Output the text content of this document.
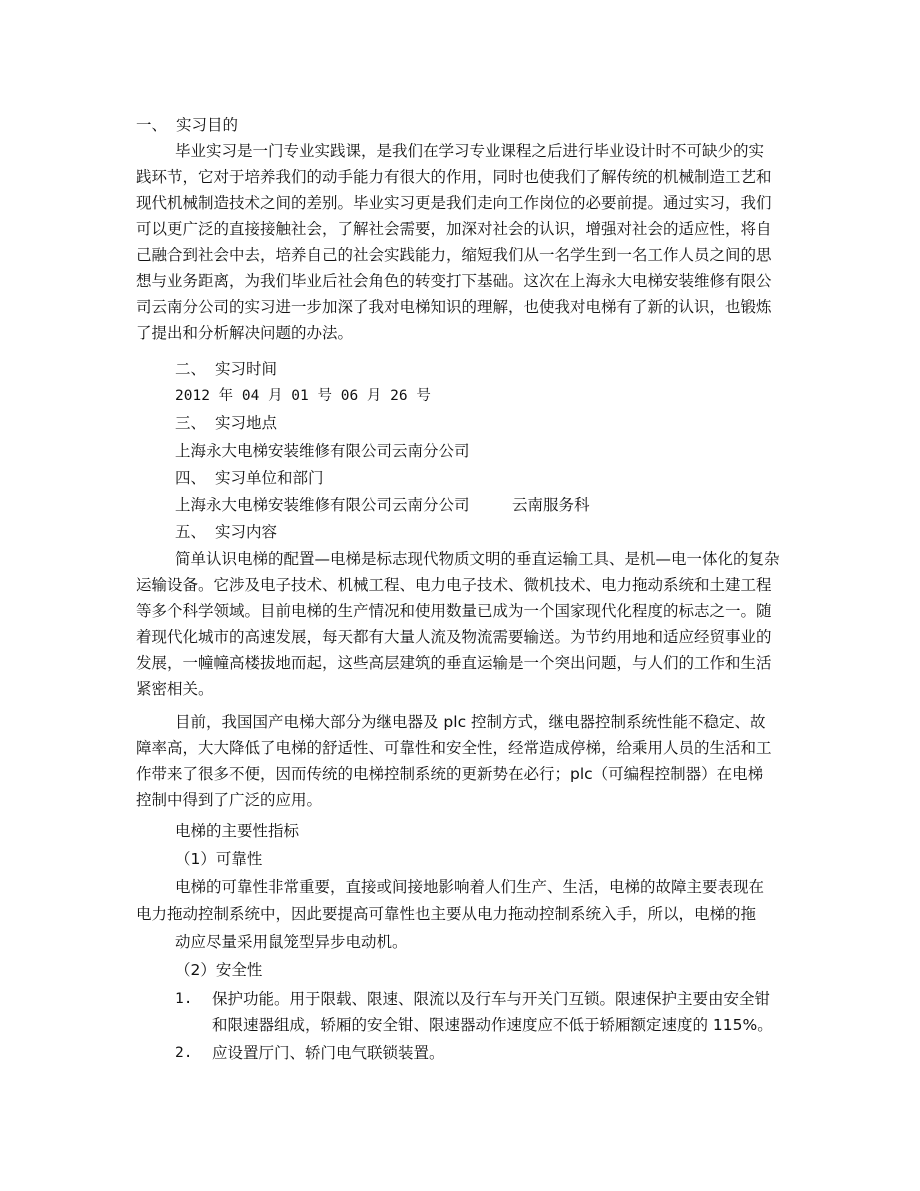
一、 实习目的
毕业实习是一门专业实践课，是我们在学习专业课程之后进行毕业设计时不可缺少的实
践环节，它对于培养我们的动手能力有很大的作用，同时也使我们了解传统的机械制造工艺和
现代机械制造技术之间的差别。毕业实习更是我们走向工作岗位的必要前提。通过实习，我们
可以更广泛的直接接触社会，了解社会需要，加深对社会的认识，增强对社会的适应性，将自
己融合到社会中去，培养自己的社会实践能力，缩短我们从一名学生到一名工作人员之间的思
想与业务距离，为我们毕业后社会角色的转变打下基础。这次在上海永大电梯安装维修有限公
司云南分公司的实习进一步加深了我对电梯知识的理解，也使我对电梯有了新的认识，也锻炼
了提出和分析解决问题的办法。
二、 实习时间
2012 年 04 月 01 号 06 月 26 号
三、 实习地点
上海永大电梯安装维修有限公司云南分公司
四、 实习单位和部门
上海永大电梯安装维修有限公司云南分公司	云南服务科
五、 实习内容
简单认识电梯的配置—电梯是标志现代物质文明的垂直运输工具、是机—电一体化的复杂
运输设备。它涉及电子技术、机械工程、电力电子技术、微机技术、电力拖动系统和土建工程
等多个科学领域。目前电梯的生产情况和使用数量已成为一个国家现代化程度的标志之一。随
着现代化城市的高速发展，每天都有大量人流及物流需要输送。为节约用地和适应经贸事业的
发展，一幢幢高楼拔地而起，这些高层建筑的垂直运输是一个突出问题，与人们的工作和生活
紧密相关。
目前，我国国产电梯大部分为继电器及 plc 控制方式，继电器控制系统性能不稳定、故
障率高，大大降低了电梯的舒适性、可靠性和安全性，经常造成停梯，给乘用人员的生活和工
作带来了很多不便，因而传统的电梯控制系统的更新势在必行；plc（可编程控制器）在电梯
控制中得到了广泛的应用。
电梯的主要性指标
（1）可靠性
电梯的可靠性非常重要，直接或间接地影响着人们生产、生活，电梯的故障主要表现在
电力拖动控制系统中，因此要提高可靠性也主要从电力拖动控制系统入手，所以，电梯的拖
动应尽量采用鼠笼型异步电动机。
（2）安全性
1. 保护功能。用于限载、限速、限流以及行车与开关门互锁。限速保护主要由安全钳
和限速器组成，轿厢的安全钳、限速器动作速度应不低于轿厢额定速度的 115%。
2. 应设置厅门、轿门电气联锁装置。
